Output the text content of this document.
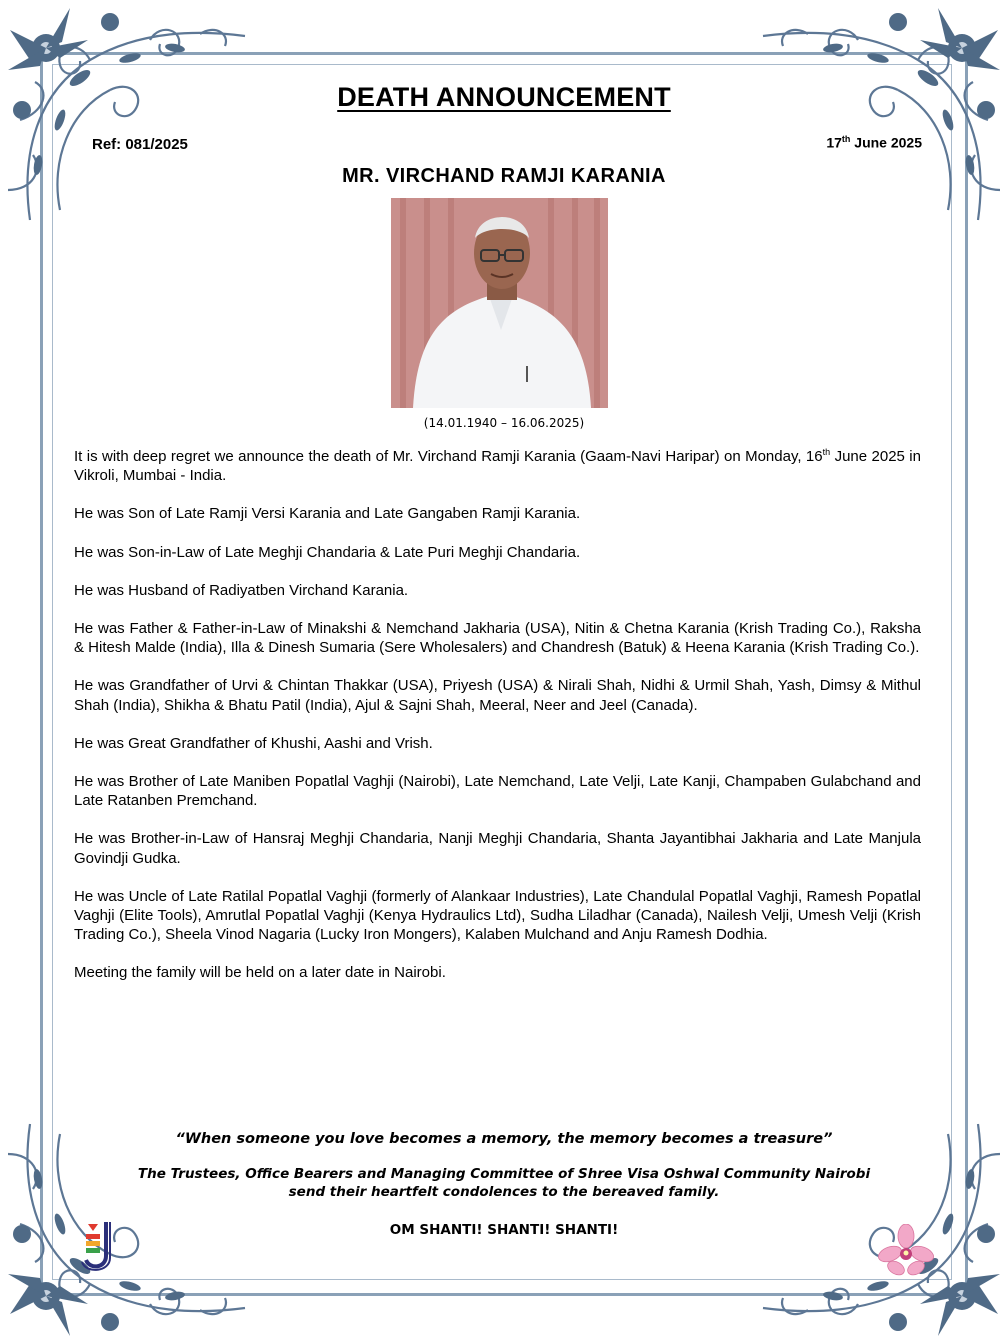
DEATH ANNOUNCEMENT
Ref: 081/2025	17th June 2025
MR. VIRCHAND RAMJI KARANIA
(14.01.1940 – 16.06.2025)

It is with deep regret we announce the death of Mr. Virchand Ramji Karania (Gaam-Navi Haripar) on Monday, 16th June 2025 in Vikroli, Mumbai - India.

He was Son of Late Ramji Versi Karania and Late Gangaben Ramji Karania.

He was Son-in-Law of Late Meghji Chandaria & Late Puri Meghji Chandaria.

He was Husband of Radiyatben Virchand Karania.

He was Father & Father-in-Law of Minakshi & Nemchand Jakharia (USA), Nitin & Chetna Karania (Krish Trading Co.), Raksha & Hitesh Malde (India), Illa & Dinesh Sumaria (Sere Wholesalers) and Chandresh (Batuk) & Heena Karania (Krish Trading Co.).

He was Grandfather of Urvi & Chintan Thakkar (USA), Priyesh (USA) & Nirali Shah, Nidhi & Urmil Shah, Yash, Dimsy & Mithul Shah (India), Shikha & Bhatu Patil (India), Ajul & Sajni Shah, Meeral, Neer and Jeel (Canada).

He was Great Grandfather of Khushi, Aashi and Vrish.

He was Brother of Late Maniben Popatlal Vaghji (Nairobi), Late Nemchand, Late Velji, Late Kanji, Champaben Gulabchand and Late Ratanben Premchand.

He was Brother-in-Law of Hansraj Meghji Chandaria, Nanji Meghji Chandaria, Shanta Jayantibhai Jakharia and Late Manjula Govindji Gudka.

He was Uncle of Late Ratilal Popatlal Vaghji (formerly of Alankaar Industries), Late Chandulal Popatlal Vaghji, Ramesh Popatlal Vaghji (Elite Tools), Amrutlal Popatlal Vaghji (Kenya Hydraulics Ltd), Sudha Liladhar (Canada), Nailesh Velji, Umesh Velji (Krish Trading Co.), Sheela Vinod Nagaria (Lucky Iron Mongers), Kalaben Mulchand and Anju Ramesh Dodhia.

Meeting the family will be held on a later date in Nairobi.

“When someone you love becomes a memory, the memory becomes a treasure”
The Trustees, Office Bearers and Managing Committee of Shree Visa Oshwal Community Nairobi
send their heartfelt condolences to the bereaved family.
OM SHANTI! SHANTI! SHANTI!
